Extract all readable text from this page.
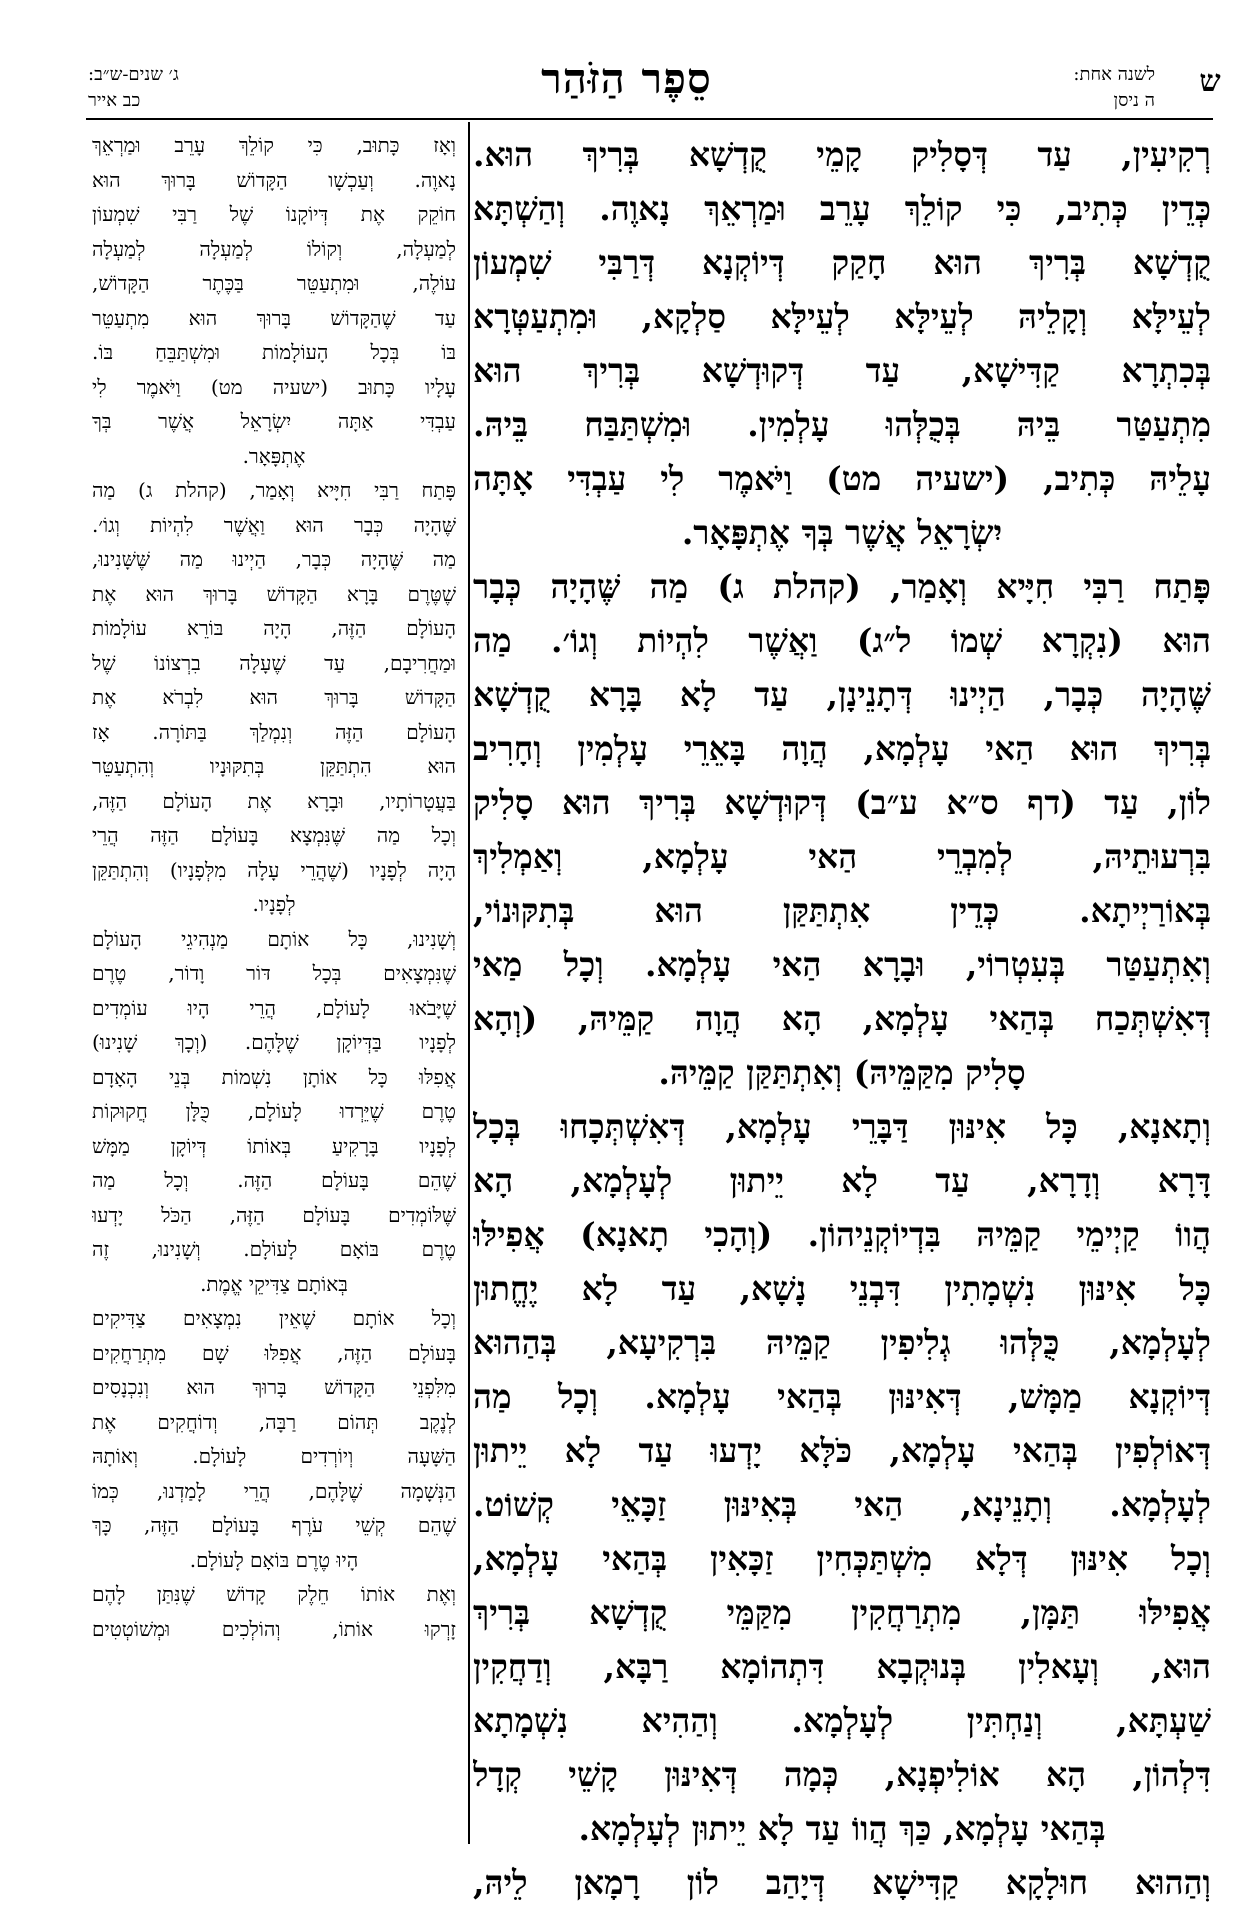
ש
לשנה אחת:
ה ניסן
סֵפֶר הַזֹּהַר
ג׳ שנים-ש״ב:
כב אייר
רְקִיעִין, עַד דְּסָלִיק קָמֵי קֻדְשָׁא בְּרִיךְ הוּא.
כְּדֵין כְּתִיב, כִּי קוֹלֵךְ עָרֵב וּמַרְאֵךְ נָאוֶה. וְהַשְׁתָּא
קֻדְשָׁא בְּרִיךְ הוּא חָקַק דְּיוֹקְנָא דְּרַבִּי שִׁמְעוֹן
לְעֵילָּא וְקָלֵיהּ לְעֵילָּא לְעֵילָּא סַלְקָא, וּמִתְעַטְּרָא
בְּכִתְרָא קַדִּישָׁא, עַד דְּקוּדְשָׁא בְּרִיךְ הוּא
מִתְעַטַּר בֵּיהּ בְּכֻלְּהוּ עָלְמִין. וּמִשְׁתַּבַּח בֵּיהּ.
עָלֵיהּ כְּתִיב, (ישעיה מט) וַיֹּאמֶר לִי עַבְדִּי אָתָּה
יִשְׂרָאֵל אֲשֶׁר בְּךָ אֶתְפָּאָר.
פָּתַח רַבִּי חִיָּיא וְאָמַר, (קהלת ג) מַה שֶּׁהָיָה כְּבָר
הוּא (נִקְרָא שְׁמוֹ ל״ג) וַאֲשֶׁר לִהְיוֹת וְגוֹ׳. מַה
שֶּׁהָיָה כְּבָר, הַיְינוּ דְּתָנֵינָן, עַד לָא בָּרָא קֻדְשָׁא
בְּרִיךְ הוּא הַאי עָלְמָא, הֲוָה בָּאֵרֵי עָלְמִין וְחָרִיב
לוֹן, עַד (דף ס״א ע״ב) דְּקוּדְשָׁא בְּרִיךְ הוּא סָלִיק
בִּרְעוּתֵיהּ, לְמִבְרֵי הַאי עָלְמָא, וְאַמְלִיךְ
בְּאוֹרַיְיתָא. כְּדֵין אִתְתַּקַּן הוּא בְּתִקּוּנוֹי,
וְאִתְעַטַּר בְּעִטְרוֹי, וּבָרָא הַאי עָלְמָא. וְכָל מַאי
דְּאִשְׁתְּכַח בְּהַאי עָלְמָא, הָא הֲוָה קַמֵּיהּ, (וְהָא
סָלִיק מִקַּמֵּיהּ) וְאִתְתַּקַּן קַמֵּיהּ.
וְתָאנָא, כָּל אִינּוּן דַּבָּרֵי עָלְמָא, דְּאִשְׁתְּכָחוּ בְּכָל
דָּרָא וְדָרָא, עַד לָא יֵיתוּן לְעָלְמָא, הָא
הֲווֹ קַיְימֵי קַמֵּיהּ בִּדְיוֹקְנֵיהוֹן. (וְהָכִי תָאנָא) אֲפִילּוּ
כָּל אִינּוּן נִשְׁמָתִין דִּבְנֵי נָשָׁא, עַד לָא יֶחֱתוּן
לְעָלְמָא, כֻּלְּהוּ גְלִיפִין קַמֵּיהּ בִּרְקִיעָא, בְּהַהוּא
דְּיוֹקְנָא מַמָּשׁ, דְּאִינּוּן בְּהַאי עָלְמָא. וְכָל מַה
דְּאוֹלְפִין בְּהַאי עָלְמָא, כֹּלָּא יָדְעוּ עַד לָא יֵיתוּן
לְעָלְמָא. וְתָנֵינָא, הַאי בְּאִינּוּן זַכָּאֵי קְשׁוֹט.
וְכָל אִינּוּן דְּלָא מִשְׁתַּכְּחִין זַכָּאִין בְּהַאי עָלְמָא,
אֲפִילּוּ תַּמָּן, מִתְרַחֲקִין מִקַּמֵּי קֻדְשָׁא בְּרִיךְ
הוּא, וְעָאלִין בְּנוּקְבָא דִּתְהוֹמָא רַבָּא, וְדַחֲקִין
שַׁעְתָּא, וְנַחְתִּין לְעָלְמָא. וְהַהִיא נִשְׁמָתָא
דִּלְהוֹן, הָא אוֹלִיפְנָא, כְּמָה דְּאִינּוּן קָשֵׁי קְדָל
בְּהַאי עָלְמָא, כַּךְ הֲווֹ עַד לָא יֵיתוּן לְעָלְמָא.
וְהַהוּא חוּלָקָא קַדִּישָׁא דְּיָהַב לוֹן רָמָאן לֵיהּ,
וְאָז כָּתוּב, כִּי קוֹלֵךְ עָרֵב וּמַרְאֵךְ
נָאוֶה. וְעַכְשָׁו הַקָּדוֹשׁ בָּרוּךְ הוּא
חוֹקֵק אֶת דְּיוֹקָנוֹ שֶׁל רַבִּי שִׁמְעוֹן
לְמַעְלָה, וְקוֹלוֹ לְמַעְלָה לְמַעְלָה
עוֹלֶה, וּמִתְעַטֵּר בַּכֶּתֶר הַקָּדוֹשׁ,
עַד שֶׁהַקָּדוֹשׁ בָּרוּךְ הוּא מִתְעַטֵּר
בּוֹ בְּכָל הָעוֹלָמוֹת וּמִשְׁתַּבֵּחַ בּוֹ.
עָלָיו כָּתוּב (ישעיה מט) וַיֹּאמֶר לִי
עַבְדִּי אַתָּה יִשְׂרָאֵל אֲשֶׁר בְּךָ
אֶתְפָּאָר.
פָּתַח רַבִּי חִיָּיא וְאָמַר, (קהלת ג) מַה
שֶּׁהָיָה כְּבָר הוּא וַאֲשֶׁר לִהְיוֹת וְגוֹ׳.
מַה שֶּׁהָיָה כְּבָר, הַיְינוּ מַה שֶּׁשָּׁנִינוּ,
שֶׁטֶּרֶם בָּרָא הַקָּדוֹשׁ בָּרוּךְ הוּא אֶת
הָעוֹלָם הַזֶּה, הָיָה בּוֹרֵא עוֹלָמוֹת
וּמַחֲרִיבָם, עַד שֶׁעָלָה בִרְצוֹנוֹ שֶׁל
הַקָּדוֹשׁ בָּרוּךְ הוּא לִבְרֹא אֶת
הָעוֹלָם הַזֶּה וְנִמְלַךְ בַּתּוֹרָה. אָז
הוּא הִתְתַּקֵּן בְּתִקּוּנָיו וְהִתְעַטֵּר
בַּעֲטָרוֹתָיו, וּבָרָא אֶת הָעוֹלָם הַזֶּה,
וְכָל מַה שֶּׁנִּמְצָא בָּעוֹלָם הַזֶּה הֲרֵי
הָיָה לְפָנָיו (שֶׁהֲרֵי עָלָה מִלְּפָנָיו) וְהִתְתַּקֵּן
לְפָנָיו.
וְשָׁנִינוּ, כָּל אוֹתָם מַנְהִיגֵי הָעוֹלָם
שֶׁנִּמְצָאִים בְּכָל דּוֹר וָדוֹר, טֶרֶם
שֶׁיָּבֹאוּ לָעוֹלָם, הֲרֵי הָיוּ עוֹמְדִים
לְפָנָיו בַּדְּיוֹקָן שֶׁלָּהֶם. (וְכָךְ שָׁנִינוּ)
אֲפִלּוּ כָּל אוֹתָן נִשְׁמוֹת בְּנֵי הָאָדָם
טֶרֶם שֶׁיֵּרְדוּ לָעוֹלָם, כֻּלָּן חֲקוּקוֹת
לְפָנָיו בָּרָקִיעַ בְּאוֹתוֹ דְּיוֹקָן מַמָּשׁ
שֶׁהֵם בָּעוֹלָם הַזֶּה. וְכָל מַה
שֶּׁלּוֹמְדִים בָּעוֹלָם הַזֶּה, הַכֹּל יָדְעוּ
טֶרֶם בּוֹאָם לָעוֹלָם. וְשָׁנִינוּ, זֶה
בְּאוֹתָם צַדִּיקֵי אֱמֶת.
וְכָל אוֹתָם שֶׁאֵין נִמְצָאִים צַדִּיקִים
בָּעוֹלָם הַזֶּה, אֲפִלּוּ שָׁם מִתְרַחֲקִים
מִלִּפְנֵי הַקָּדוֹשׁ בָּרוּךְ הוּא וְנִכְנָסִים
לְנֶקֶב תְּהוֹם רַבָּה, וְדוֹחֲקִים אֶת
הַשָּׁעָה וְיוֹרְדִים לָעוֹלָם. וְאוֹתָהּ
הַנְּשָׁמָה שֶׁלָּהֶם, הֲרֵי לָמַדְנוּ, כְּמוֹ
שֶׁהֵם קְשֵׁי עֹרֶף בָּעוֹלָם הַזֶּה, כָּךְ
הָיוּ טֶרֶם בּוֹאָם לָעוֹלָם.
וְאֶת אוֹתוֹ חֵלֶק קָדוֹשׁ שֶׁנִּתַּן לָהֶם
זָרְקוּ אוֹתוֹ, וְהוֹלְכִים וּמְשׁוֹטְטִים
